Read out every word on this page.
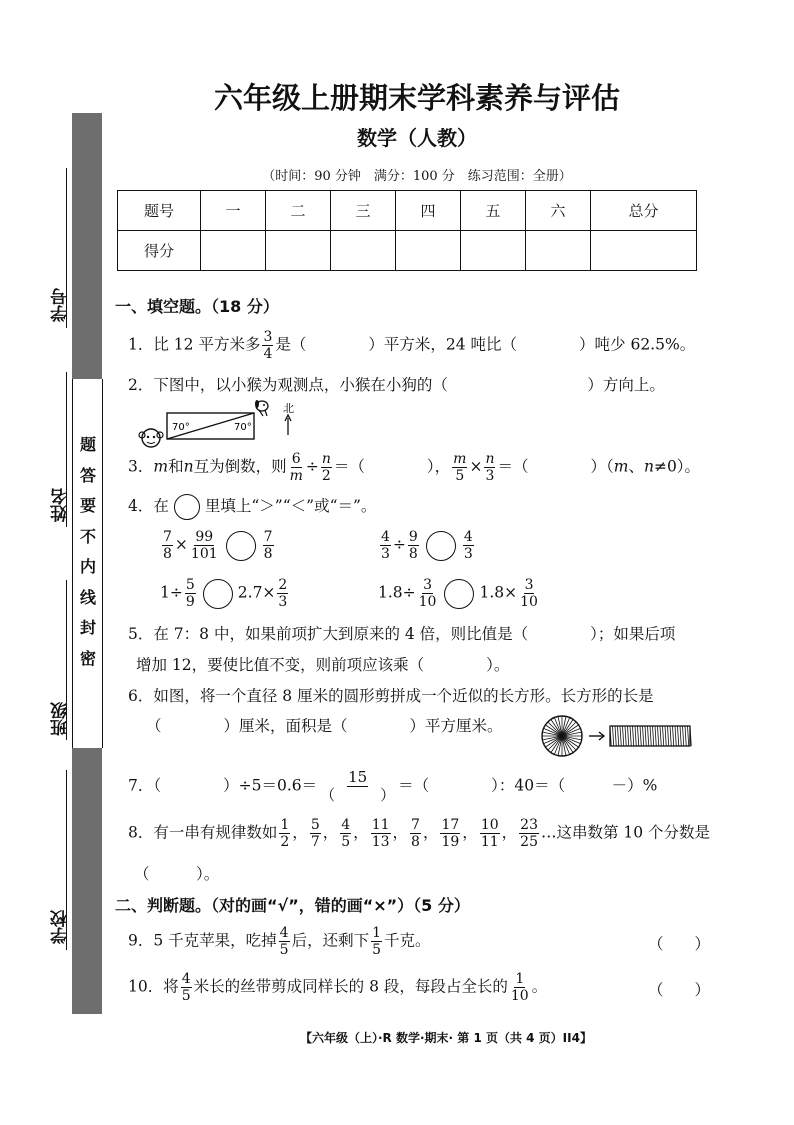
题
答
要
不
内
线
封
密
学号
姓名
班级
学校
六年级上册期末学科素养与评估
数学（人教）
（时间：90 分钟　满分：100 分　练习范围：全册）
题号	一	二	三	四	五	六	总分
得分							
一、填空题。（18 分）
1．比 12 平方米多 $\frac{3}{4}$ 是（　　　　）平方米，24 吨比（　　　　）吨少 62.5%。
2．下图中，以小猴为观测点，小猴在小狗的（　　　　　　　　　）方向上。
70°	70°
北
3．m和n互为倒数，则 $\frac{6}{m} \div \frac{n}{2}$ ＝（　　　　）， $\frac{m}{5} \times \frac{n}{3}$ ＝（　　　　）（m、n≠0）。
4．在 里填上“＞”“＜”或“＝”。
$\frac{7}{8} \times \frac{99}{101}$	$\frac{7}{8}$	$\frac{4}{3} \div \frac{9}{8}$	$\frac{4}{3}$
$1\div \frac{5}{9}$	$2.7\times \frac{2}{3}$	$1.8\div \frac{3}{10}$	$1.8\times \frac{3}{10}$
5．在 7：8 中，如果前项扩大到原来的 4 倍，则比值是（　　　　）；如果后项
增加 12，要使比值不变，则前项应该乘（　　　　）。
6．如图，将一个直径 8 厘米的圆形剪拼成一个近似的长方形。长方形的长是
（　　　　）厘米，面积是（　　　　）平方厘米。
7．（　　　　）$\div 5=0.6= \frac{15}{( )}$ ＝（　　　　）：40＝（　　　－）%
8．有一串有规律数如 $\frac{1}{2}$ ， $\frac{5}{7}$ ， $\frac{4}{5}$ ， $\frac{11}{13}$ ， $\frac{7}{8}$ ， $\frac{17}{19}$ ， $\frac{10}{11}$ ， $\frac{23}{25}$ …这串数第 10 个分数是
（　　　）。
二、判断题。（对的画“√”，错的画“×”）（5 分）
9．5 千克苹果，吃掉 $\frac{4}{5}$ 后，还剩下 $\frac{1}{5}$ 千克。	（　　）
10．将 $\frac{4}{5}$ 米长的丝带剪成同样长的 8 段，每段占全长的 $\frac{1}{10}$ 。	（　　）
【六年级（上）·R 数学·期末· 第 1 页（共 4 页）II4】
